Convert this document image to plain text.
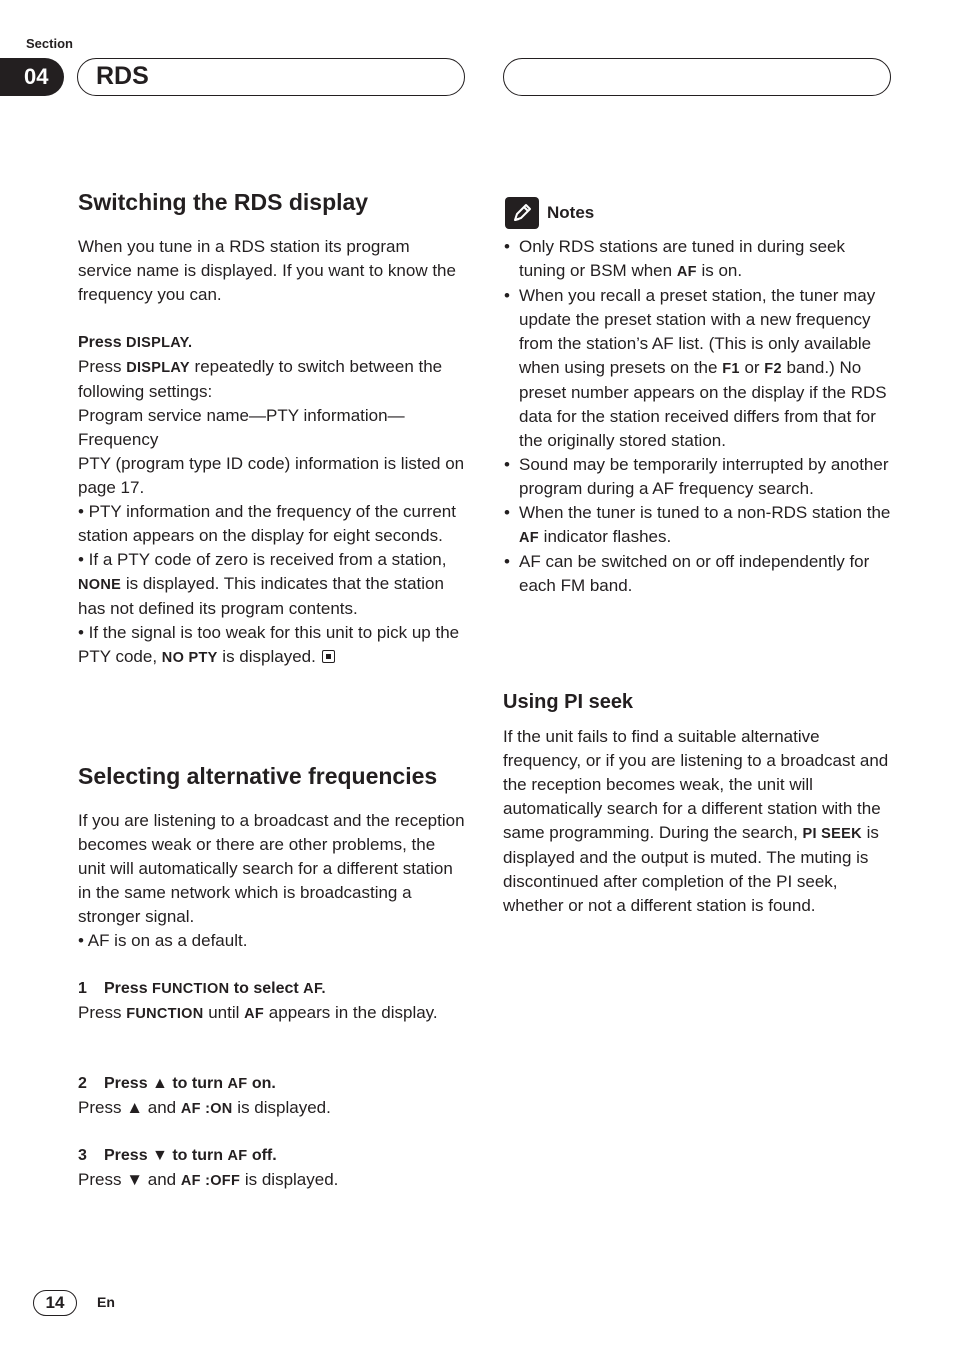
Section
04	RDS
Switching the RDS display

When you tune in a RDS station its program service name is displayed. If you want to know the frequency you can.

Press DISPLAY.

Press DISPLAY repeatedly to switch between the following settings:

Program service name—PTY information—Frequency

PTY (program type ID code) information is listed on page 17.

• PTY information and the frequency of the current station appears on the display for eight seconds.

• If a PTY code of zero is received from a station, NONE is displayed. This indicates that the station has not defined its program contents.

• If the signal is too weak for this unit to pick up the PTY code, NO PTY is displayed.

Selecting alternative frequencies

If you are listening to a broadcast and the reception becomes weak or there are other problems, the unit will automatically search for a different station in the same network which is broadcasting a stronger signal.

• AF is on as a default.

1 Press FUNCTION to select AF.

Press FUNCTION until AF appears in the display.

2 Press ▲ to turn AF on.

Press ▲ and AF :ON is displayed.

3 Press ▼ to turn AF off.

Press ▼ and AF :OFF is displayed.

Notes
• Only RDS stations are tuned in during seek tuning or BSM when AF is on.
• When you recall a preset station, the tuner may update the preset station with a new frequency from the station’s AF list. (This is only available when using presets on the F1 or F2 band.) No preset number appears on the display if the RDS data for the station received differs from that for the originally stored station.
• Sound may be temporarily interrupted by another program during a AF frequency search.
• When the tuner is tuned to a non-RDS station the AF indicator flashes.
• AF can be switched on or off independently for each FM band.
Using PI seek

If the unit fails to find a suitable alternative frequency, or if you are listening to a broadcast and the reception becomes weak, the unit will automatically search for a different station with the same programming. During the search, PI SEEK is displayed and the output is muted. The muting is discontinued after completion of the PI seek, whether or not a different station is found.

14	En
